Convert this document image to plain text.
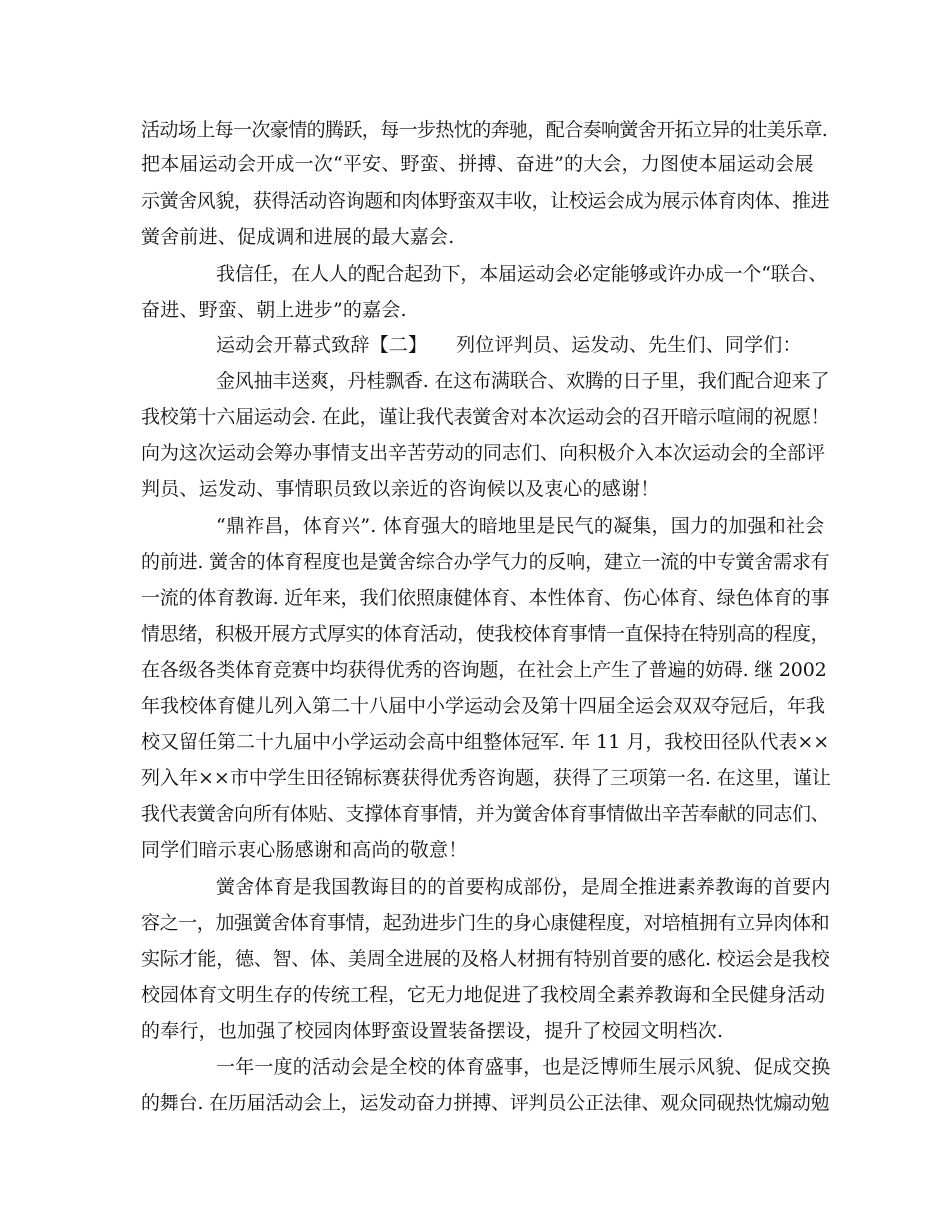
活动场上每一次豪情的腾跃，每一步热忱的奔驰，配合奏响黉舍开拓立异的壮美乐章.
把本届运动会开成一次“平安、野蛮、拼搏、奋进”的大会，力图使本届运动会展
示黉舍风貌，获得活动咨询题和肉体野蛮双丰收，让校运会成为展示体育肉体、推进
黉舍前进、促成调和进展的最大嘉会.
我信任，在人人的配合起劲下，本届运动会必定能够或许办成一个“联合、
奋进、野蛮、朝上进步”的嘉会.
运动会开幕式致辞【二】　　列位评判员、运发动、先生们、同学们：
金风抽丰送爽，丹桂飘香. 在这布满联合、欢腾的日子里，我们配合迎来了
我校第十六届运动会. 在此，谨让我代表黉舍对本次运动会的召开暗示喧闹的祝愿！
向为这次运动会筹办事情支出辛苦劳动的同志们、向积极介入本次运动会的全部评
判员、运发动、事情职员致以亲近的咨询候以及衷心的感谢！
“鼎祚昌，体育兴”. 体育强大的暗地里是民气的凝集，国力的加强和社会
的前进. 黉舍的体育程度也是黉舍综合办学气力的反响，建立一流的中专黉舍需求有
一流的体育教诲. 近年来，我们依照康健体育、本性体育、伤心体育、绿色体育的事
情思绪，积极开展方式厚实的体育活动，使我校体育事情一直保持在特别高的程度，
在各级各类体育竞赛中均获得优秀的咨询题，在社会上产生了普遍的妨碍. 继 2002
年我校体育健儿列入第二十八届中小学运动会及第十四届全运会双双夺冠后，年我
校又留任第二十九届中小学运动会高中组整体冠军. 年 11 月，我校田径队代表××
列入年××市中学生田径锦标赛获得优秀咨询题，获得了三项第一名. 在这里，谨让
我代表黉舍向所有体贴、支撑体育事情，并为黉舍体育事情做出辛苦奉献的同志们、
同学们暗示衷心肠感谢和高尚的敬意！
黉舍体育是我国教诲目的的首要构成部份，是周全推进素养教诲的首要内
容之一，加强黉舍体育事情，起劲进步门生的身心康健程度，对培植拥有立异肉体和
实际才能，德、智、体、美周全进展的及格人材拥有特别首要的感化. 校运会是我校
校园体育文明生存的传统工程，它无力地促进了我校周全素养教诲和全民健身活动
的奉行，也加强了校园肉体野蛮设置装备摆设，提升了校园文明档次.
一年一度的活动会是全校的体育盛事，也是泛博师生展示风貌、促成交换
的舞台. 在历届活动会上，运发动奋力拼搏、评判员公正法律、观众同砚热忱煽动勉
